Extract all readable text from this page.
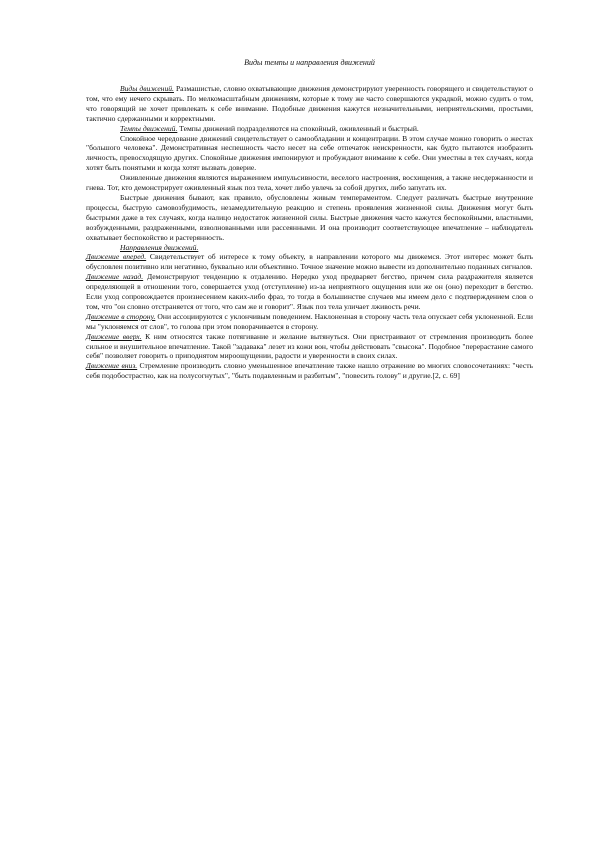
Виды темпы и направления движений

Виды движений. Размашистые, словно охватывающие движения демонстрируют уверенность говорящего и свидетельствуют о том, что ему нечего скрывать. По мелкомасштабным движениям, которые к тому же часто совершаются украдкой, можно судить о том, что говорящий не хочет привлекать к себе внимание. Подобные движения кажутся незначительными, неприятельскими, простыми, тактично сдержанными и корректными.

Темпы движений. Темпы движений подразделяются на спокойный, оживленный и быстрый.

Спокойное чередование движений свидетельствует о самообладании и концентрации. В этом случае можно говорить о жестах "большого человека". Демонстративная неспешность часто несет на себе отпечаток неискренности, как будто пытаются изобразить личность, превосходящую других. Спокойные движения импонируют и пробуждают внимание к себе. Они уместны в тех случаях, когда хотят быть понятыми и когда хотят вызвать доверие.

Оживленные движения являются выражением импульсивности, веселого настроения, восхищения, а также несдержанности и гнева. Тот, кто демонстрирует оживленный язык поз тела, хочет либо увлечь за собой других, либо запугать их.

Быстрые движения бывают, как правило, обусловлены живым темпераментом. Следует различать быстрые внутренние процессы, быструю самовозбудимость, незамедлительную реакцию и степень проявления жизненной силы. Движения могут быть быстрыми даже в тех случаях, когда налицо недостаток жизненной силы. Быстрые движения часто кажутся беспокойными, властными, возбужденными, раздраженными, взволнованными или рассеянными. И она производит соответствующее впечатление – наблюдатель охватывает беспокойство и растерянность.

Направления движений.

Движение вперед. Свидетельствует об интересе к тому объекту, в направлении которого мы движемся. Этот интерес может быть обусловлен позитивно или негативно, буквально или объективно. Точное значение можно вывести из дополнительно поданных сигналов.

Движение назад. Демонстрируют тенденцию к отдалению. Нередко уход предваряет бегство, причем сила раздражителя является определяющей в отношении того, совершается уход (отступление) из-за неприятного ощущения или же он (оно) переходит в бегство. Если уход сопровождается произнесением каких-либо фраз, то тогда в большинстве случаев мы имеем дело с подтверждением слов о том, что "он словно отстраняется от того, что сам же и говорит". Язык поз тела уличает лживость речи.

Движение в сторону. Они ассоциируются с уклончивым поведением. Наклоненная в сторону часть тела опускает себя уклоненной. Если мы "уклоняемся от слов", то голова при этом поворачивается в сторону.

Движение вверх. К ним относятся также потягивание и желание вытянуться. Они пристраивают от стремления производить более сильное и внушительное впечатление. Такой "задавака" лезет из кожи вон, чтобы действовать "свысока". Подобное "перерастание самого себя" позволяет говорить о приподнятом мироощущении, радости и уверенности в своих силах.

Движение вниз. Стремление производить словно уменьшенное впечатление также нашло отражение во многих словосочетаниях: "честь себя подобострастно, как на полусогнутых", "быть подавленным и разбитым", "повесить голову" и другие.[2, с. 69]
